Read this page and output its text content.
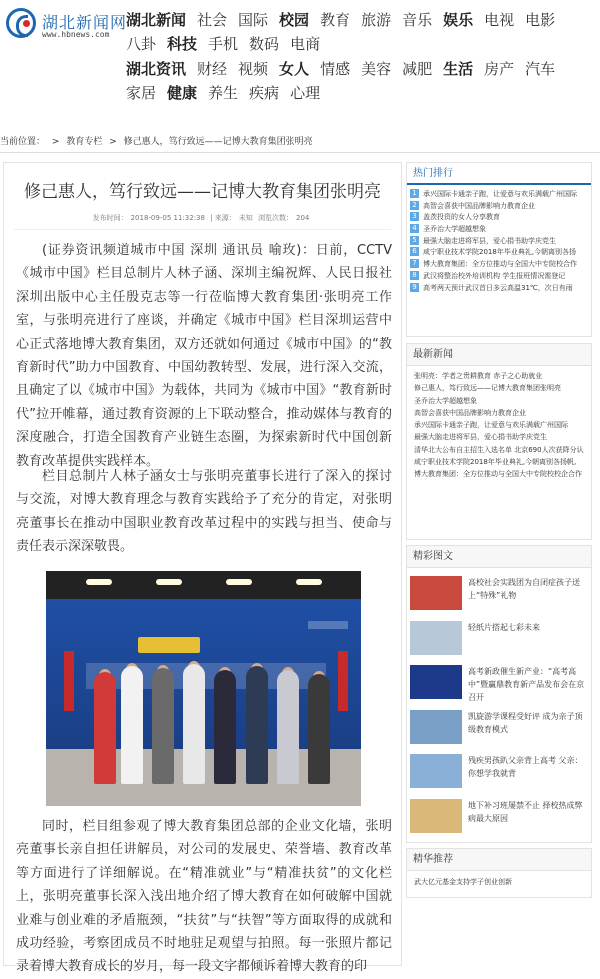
湖北新闻网
www.hbnews.com
湖北新闻 社会 国际 校园 教育 旅游 音乐 娱乐 电视 电影八卦 科技 手机 数码 电商
湖北资讯 财经 视频 女人 情感 美容 减肥 生活 房产 汽车家居 健康 养生 疾病 心理
当前位置： > 教育专栏 > 修己惠人，笃行致远——记博大教育集团张明亮
修己惠人，笃行致远——记博大教育集团张明亮
发布时间： 2018-09-05 11:32:38 | 来源： 未知 浏览次数： 204

(证券资讯频道城市中国 深圳 通讯员 喻玫)：日前，CCTV《城市中国》栏目总制片人林子涵、深圳主编祝辉、人民日报社深圳出版中心主任殷克志等一行莅临博大教育集团·张明亮工作室，与张明亮进行了座谈，并确定《城市中国》栏目深圳运营中心正式落地博大教育集团，双方还就如何通过《城市中国》的“教育新时代”助力中国教育、中国幼教转型、发展，进行深入交流，且确定了以《城市中国》为载体，共同为《城市中国》“教育新时代”拉开帷幕，通过教育资源的上下联动整合，推动媒体与教育的深度融合，打造全国教育产业链生态圈，为探索新时代中国创新教育改革提供实践样本。

栏目总制片人林子涵女士与张明亮董事长进行了深入的探讨与交流，对博大教育理念与教育实践给予了充分的肯定，对张明亮董事长在推动中国职业教育改革过程中的实践与担当、使命与责任表示深深敬畏。

同时，栏目组参观了博大教育集团总部的企业文化墙，张明亮董事长亲自担任讲解员，对公司的发展史、荣誉墙、教育改革等方面进行了详细解说。在“精准就业”与“精准扶贫”的文化栏上，张明亮董事长深入浅出地介绍了博大教育在如何破解中国就业难与创业难的矛盾瓶颈，“扶贫”与“扶智”等方面取得的成就和成功经验，考察团成员不时地驻足观望与拍照。每一张照片都记录着博大教育成长的岁月，每一段文字都倾诉着博大教育的印

热门排行
1 承兴国际卡通亲子跑，让爱意与欢乐满载广州国际
2 高智会喜获中国品牌影响力教育企业
3 盖茨投资的女人分享教育
4 圣乔治大学超越想象
5 最强大脑走进将军县，爱心捐书助学庆党生
6 咸宁职业技术学院2018年毕业典礼,今朝离别各扬
7 博大教育集团：全方位推动与全国大中专院校合作
8 武汉将整治校外培训机构 学生报班情况需登记
9 高考两天预计武汉首日多云高温31℃，次日有雨
最新新闻
张明亮：学者之贵耕教育 赤子之心助就业
修己惠人，笃行致远——记博大教育集团张明亮
圣乔治大学超越想象
高智会喜获中国品牌影响力教育企业
承兴国际卡通亲子跑，让爱意与欢乐满载广州国际
最强大脑走进将军县，爱心捐书助学庆党生
清华北大公布自主招生入选名单 北京690人次获降分认
咸宁职业技术学院2018年毕业典礼,今朝离别各扬帆,
博大教育集团：全方位推动与全国大中专院校校企合作
精彩图文
高校社会实践团为自闭症孩子送上“特殊”礼物
轻纸片搭起七彩未来
高考新政催生新产业：“高考高中”暨赢鼎教育新产品发布会在京召开
凯旋游学课程受好评 成为亲子顶级教育模式
残疾男孩趴父亲背上高考 父亲：你想学我就背
地下补习班屡禁不止 择校热成弊病最大原因
精华推荐
武大亿元基金支持学子创业创新
